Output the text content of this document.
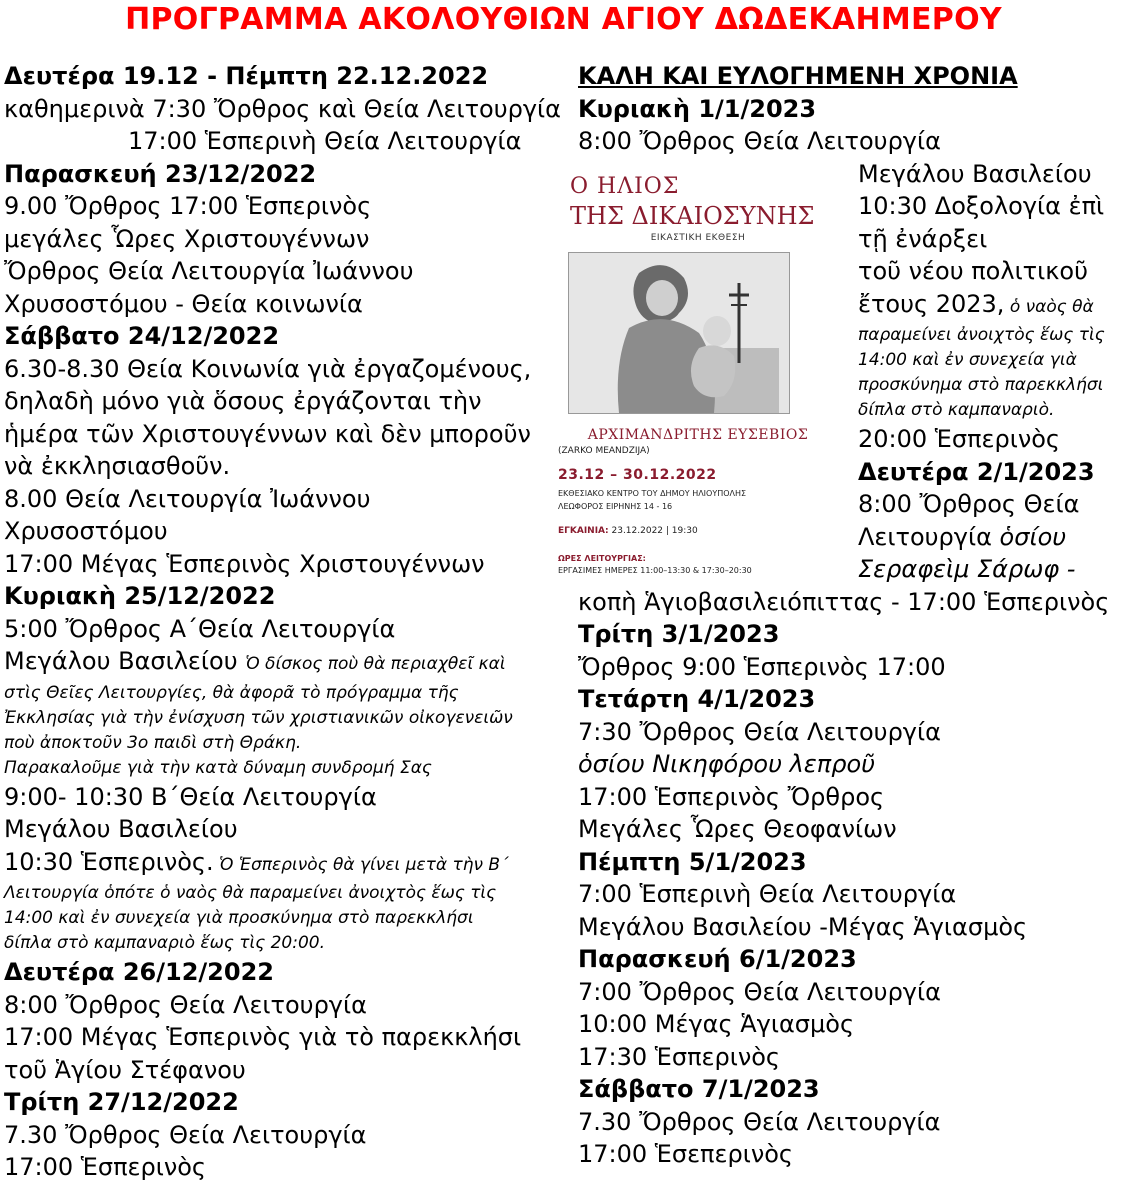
ΠΡΟΓΡΑΜΜΑ ΑΚΟΛΟΥΘΙΩΝ ΑΓΙΟΥ ΔΩΔΕΚΑΗΜΕΡΟΥ
Δευτέρα 19.12 - Πέμπτη 22.12.2022
καθημερινὰ 7:30 Ὄρθρος καὶ Θεία Λειτουργία
17:00 Ἑσπερινὴ Θεία Λειτουργία
Παρασκευή 23/12/2022
9.00 Ὄρθρος 17:00 Ἑσπερινὸς
μεγάλες Ὧρες Χριστουγέννων
Ὄρθρος Θεία Λειτουργία Ἰωάννου
Χρυσοστόμου - Θεία κοινωνία
Σάββατο 24/12/2022
6.30-8.30 Θεία Κοινωνία γιὰ ἐργαζομένους,
δηλαδὴ μόνο γιὰ ὅσους ἐργάζονται τὴν
ἡμέρα τῶν Χριστουγέννων καὶ δὲν μποροῦν
νὰ ἐκκλησιασθοῦν.
8.00 Θεία Λειτουργία Ἰωάννου
Χρυσοστόμου
17:00 Μέγας Ἑσπερινὸς Χριστουγέννων
Κυριακὴ 25/12/2022
5:00 Ὄρθρος Α΄Θεία Λειτουργία
Μεγάλου Βασιλείου Ὁ δίσκος ποὺ θὰ περιαχθεῖ καὶ
στὶς Θεῖες Λειτουργίες, θὰ ἀφορᾶ τὸ πρόγραμμα τῆς
Ἐκκλησίας γιὰ τὴν ἐνίσχυση τῶν χριστιανικῶν οἰκογενειῶν
ποὺ ἀποκτοῦν 3ο παιδὶ στὴ Θράκη.
Παρακαλοῦμε γιὰ τὴν κατὰ δύναμη συνδρομή Σας
9:00- 10:30 Β΄Θεία Λειτουργία
Μεγάλου Βασιλείου
10:30 Ἑσπερινὸς. Ὁ Ἑσπερινὸς θὰ γίνει μετὰ τὴν Β΄
Λειτουργία ὁπότε ὁ ναὸς θὰ παραμείνει ἀνοιχτὸς ἕως τὶς
14:00 καὶ ἐν συνεχεία γιὰ προσκύνημα στὸ παρεκκλήσι
δίπλα στὸ καμπαναριὸ ἕως τὶς 20:00.
Δευτέρα 26/12/2022
8:00 Ὄρθρος Θεία Λειτουργία
17:00 Μέγας Ἑσπερινὸς γιὰ τὸ παρεκκλήσι
τοῦ Ἁγίου Στέφανου
Τρίτη 27/12/2022
7.30 Ὄρθρος Θεία Λειτουργία
17:00 Ἑσπερινὸς
ΚΑΛΗ ΚΑΙ ΕΥΛΟΓΗΜΕΝΗ ΧΡΟΝΙΑ
Κυριακὴ 1/1/2023
8:00 Ὄρθρος Θεία Λειτουργία
Μεγάλου Βασιλείου
10:30 Δοξολογία ἐπὶ
τῇ ἐνάρξει
τοῦ νέου πολιτικοῦ
ἔτους 2023, ὁ ναὸς θὰ
παραμείνει ἀνοιχτὸς ἕως τὶς
14:00 καὶ ἐν συνεχεία γιὰ
προσκύνημα στὸ παρεκκλήσι
δίπλα στὸ καμπαναριὸ.
20:00 Ἑσπερινὸς
Δευτέρα 2/1/2023
8:00 Ὄρθρος Θεία
Λειτουργία ὁσίου
Σεραφεὶμ Σάρωφ -
κοπὴ Ἁγιοβασιλειόπιττας - 17:00 Ἑσπερινὸς
Τρίτη 3/1/2023
Ὄρθρος 9:00 Ἑσπερινὸς 17:00
Τετάρτη 4/1/2023
7:30 Ὄρθρος Θεία Λειτουργία
ὁσίου Νικηφόρου λεπροῦ
17:00 Ἑσπερινὸς Ὄρθρος
Μεγάλες Ὧρες Θεοφανίων
Πέμπτη 5/1/2023
7:00 Ἑσπερινὴ Θεία Λειτουργία
Μεγάλου Βασιλείου -Μέγας Ἁγιασμὸς
Παρασκευή 6/1/2023
7:00 Ὄρθρος Θεία Λειτουργία
10:00 Μέγας Ἁγιασμὸς
17:30 Ἑσπερινὸς
Σάββατο 7/1/2023
7.30 Ὄρθρος Θεία Λειτουργία
17:00 Ἑσεπερινὸς
Ο ΗΛΙΟΣ
ΤΗΣ ΔΙΚΑΙΟΣΥΝΗΣ
ΕΙΚΑΣΤΙΚΗ ΕΚΘΕΣΗ
ΑΡΧΙΜΑΝΔΡΙΤΗΣ ΕΥΣΕΒΙΟΣ
(ZARKO MEANDZIJA)
23.12 – 30.12.2022
ΕΚΘΕΣΙΑΚΟ ΚΕΝΤΡΟ ΤΟΥ ΔΗΜΟΥ ΗΛΙΟΥΠΟΛΗΣ
ΛΕΩΦΟΡΟΣ ΕΙΡΗΝΗΣ 14 - 16
ΕΓΚΑΙΝΙΑ: 23.12.2022 | 19:30
ΩΡΕΣ ΛΕΙΤΟΥΡΓΙΑΣ:
ΕΡΓΑΣΙΜΕΣ ΗΜΕΡΕΣ 11:00–13:30 & 17:30–20:30
